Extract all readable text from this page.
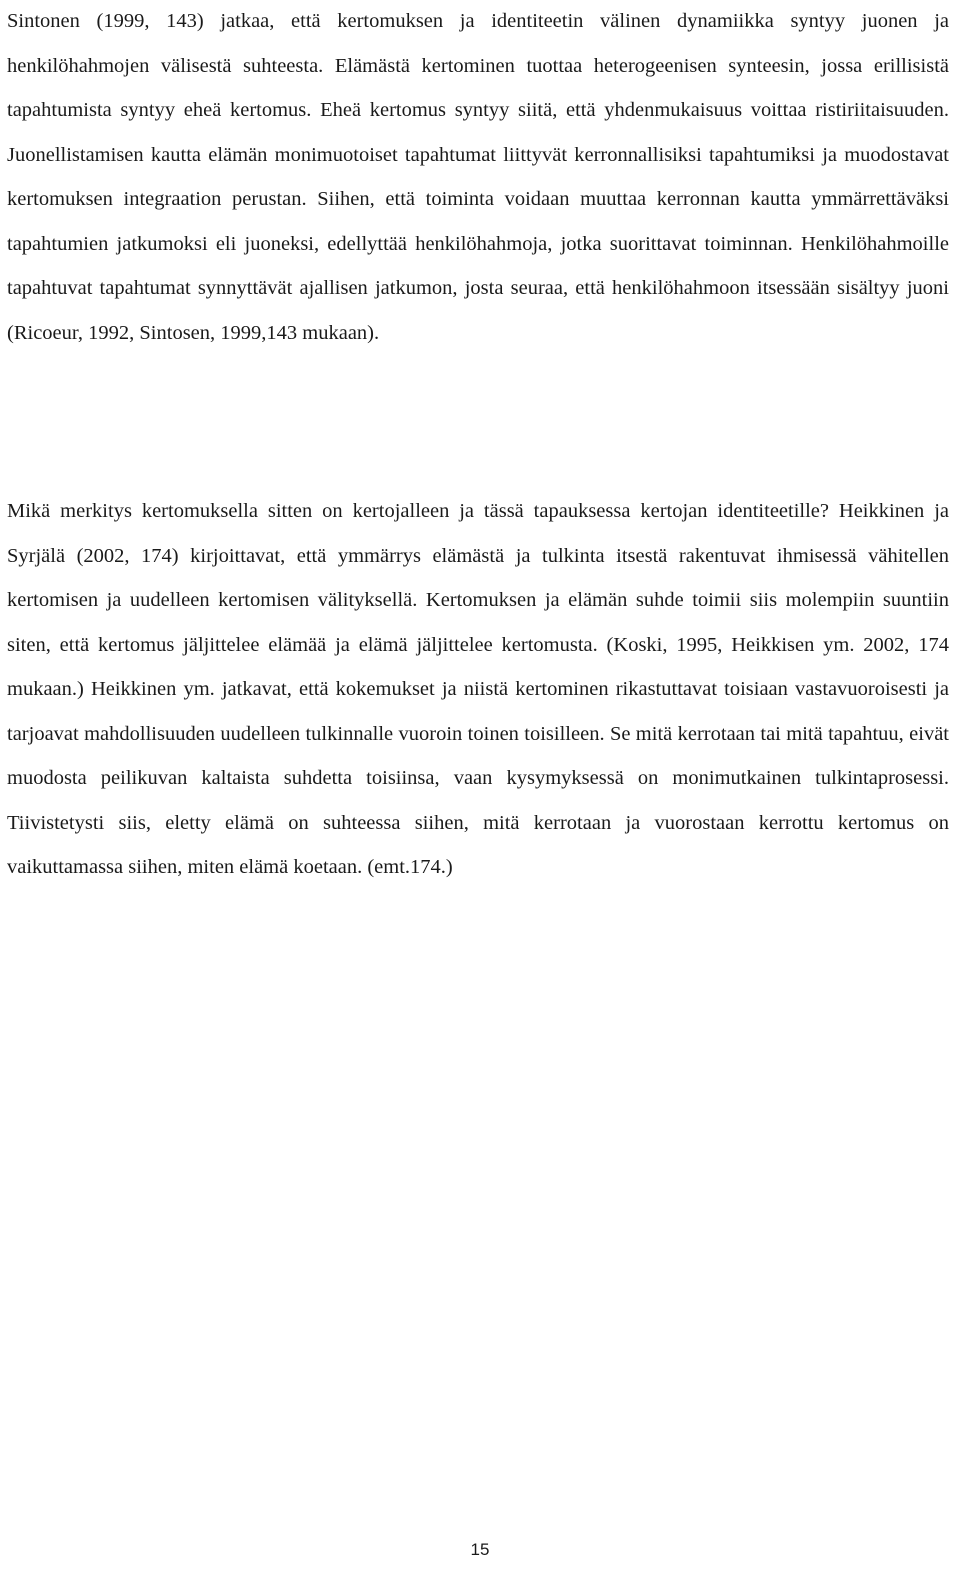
Sintonen (1999, 143) jatkaa, että kertomuksen ja identiteetin välinen dynamiikka syntyy juonen ja henkilöhahmojen välisestä suhteesta. Elämästä kertominen tuottaa heterogeenisen synteesin, jossa erillisistä tapahtumista syntyy eheä kertomus. Eheä kertomus syntyy siitä, että yhdenmukaisuus voittaa ristiriitaisuuden. Juonellistamisen kautta elämän monimuotoiset tapahtumat liittyvät kerronnallisiksi tapahtumiksi ja muodostavat kertomuksen integraation perustan. Siihen, että toiminta voidaan muuttaa kerronnan kautta ymmärrettäväksi tapahtumien jatkumoksi eli juoneksi, edellyttää henkilöhahmoja, jotka suorittavat toiminnan. Henkilöhahmoille tapahtuvat tapahtumat synnyttävät ajallisen jatkumon, josta seuraa, että henkilöhahmoon itsessään sisältyy juoni (Ricoeur, 1992, Sintosen, 1999,143 mukaan).

Mikä merkitys kertomuksella sitten on kertojalleen ja tässä tapauksessa kertojan identiteetille? Heikkinen ja Syrjälä (2002, 174) kirjoittavat, että ymmärrys elämästä ja tulkinta itsestä rakentuvat ihmisessä vähitellen kertomisen ja uudelleen kertomisen välityksellä. Kertomuksen ja elämän suhde toimii siis molempiin suuntiin siten, että kertomus jäljittelee elämää ja elämä jäljittelee kertomusta. (Koski, 1995, Heikkisen ym. 2002, 174 mukaan.) Heikkinen ym. jatkavat, että kokemukset ja niistä kertominen rikastuttavat toisiaan vastavuoroisesti ja tarjoavat mahdollisuuden uudelleen tulkinnalle vuoroin toinen toisilleen. Se mitä kerrotaan tai mitä tapahtuu, eivät muodosta peilikuvan kaltaista suhdetta toisiinsa, vaan kysymyksessä on monimutkainen tulkintaprosessi. Tiivistetysti siis, eletty elämä on suhteessa siihen, mitä kerrotaan ja vuorostaan kerrottu kertomus on vaikuttamassa siihen, miten elämä koetaan. (emt.174.)

15
